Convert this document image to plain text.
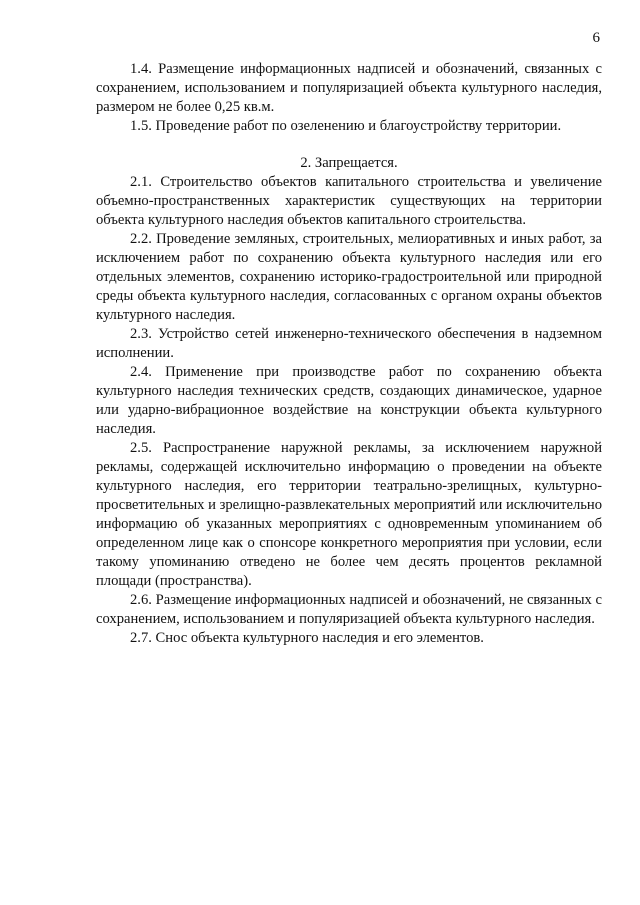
6

1.4. Размещение информационных надписей и обозначений, связанных с сохранением, использованием и популяризацией объекта культурного наследия, размером не более 0,25 кв.м.

1.5. Проведение работ по озеленению и благоустройству территории.

2. Запрещается.

2.1. Строительство объектов капитального строительства и увеличение объемно-пространственных характеристик существующих на территории объекта культурного наследия объектов капитального строительства.

2.2. Проведение земляных, строительных, мелиоративных и иных работ, за исключением работ по сохранению объекта культурного наследия или его отдельных элементов, сохранению историко-градостроительной или природной среды объекта культурного наследия, согласованных с органом охраны объектов культурного наследия.

2.3. Устройство сетей инженерно-технического обеспечения в надземном исполнении.

2.4. Применение при производстве работ по сохранению объекта культурного наследия технических средств, создающих динамическое, ударное или ударно-вибрационное воздействие на конструкции объекта культурного наследия.

2.5. Распространение наружной рекламы, за исключением наружной рекламы, содержащей исключительно информацию о проведении на объекте культурного наследия, его территории театрально-зрелищных, культурно-просветительных и зрелищно-развлекательных мероприятий или исключительно информацию об указанных мероприятиях с одновременным упоминанием об определенном лице как о спонсоре конкретного мероприятия при условии, если такому упоминанию отведено не более чем десять процентов рекламной площади (пространства).

2.6. Размещение информационных надписей и обозначений, не связанных с сохранением, использованием и популяризацией объекта культурного наследия.

2.7. Снос объекта культурного наследия и его элементов.
